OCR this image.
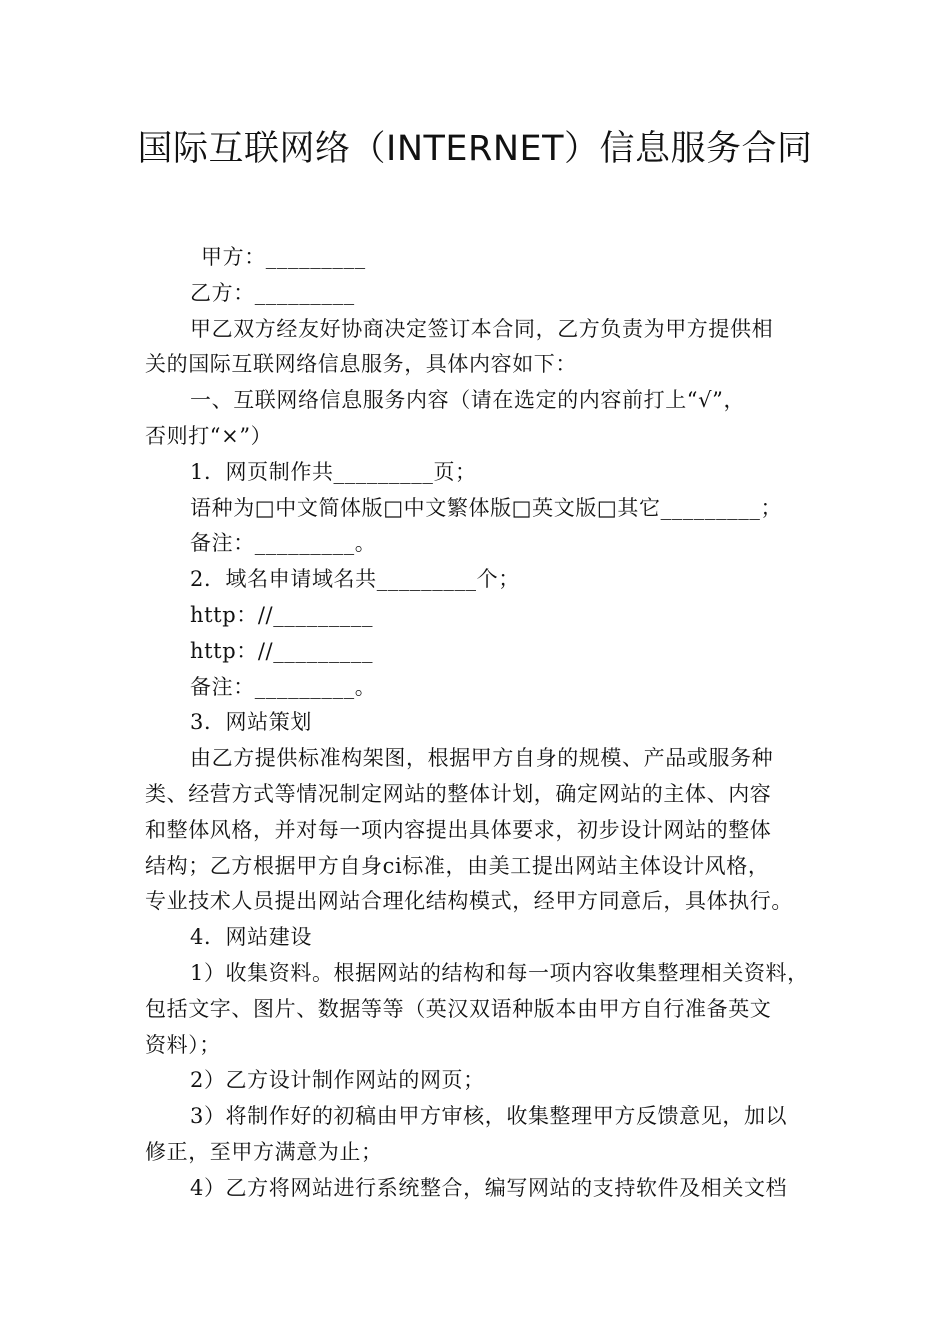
国际互联网络（INTERNET）信息服务合同
甲方：_________
乙方：_________
甲乙双方经友好协商决定签订本合同，乙方负责为甲方提供相
关的国际互联网络信息服务，具体内容如下：
一、互联网络信息服务内容（请在选定的内容前打上“√”，
否则打“×”）
1．网页制作共_________页；
语种为□中文简体版□中文繁体版□英文版□其它_________；
备注：_________。
2．域名申请域名共_________个；
http：//_________
http：//_________
备注：_________。
3．网站策划
由乙方提供标准构架图，根据甲方自身的规模、产品或服务种
类、经营方式等情况制定网站的整体计划，确定网站的主体、内容
和整体风格，并对每一项内容提出具体要求，初步设计网站的整体
结构；乙方根据甲方自身ci标准，由美工提出网站主体设计风格，
专业技术人员提出网站合理化结构模式，经甲方同意后，具体执行。
4．网站建设
1）收集资料。根据网站的结构和每一项内容收集整理相关资料，
包括文字、图片、数据等等（英汉双语种版本由甲方自行准备英文
资料）；
2）乙方设计制作网站的网页；
3）将制作好的初稿由甲方审核，收集整理甲方反馈意见，加以
修正，至甲方满意为止；
4）乙方将网站进行系统整合，编写网站的支持软件及相关文档
